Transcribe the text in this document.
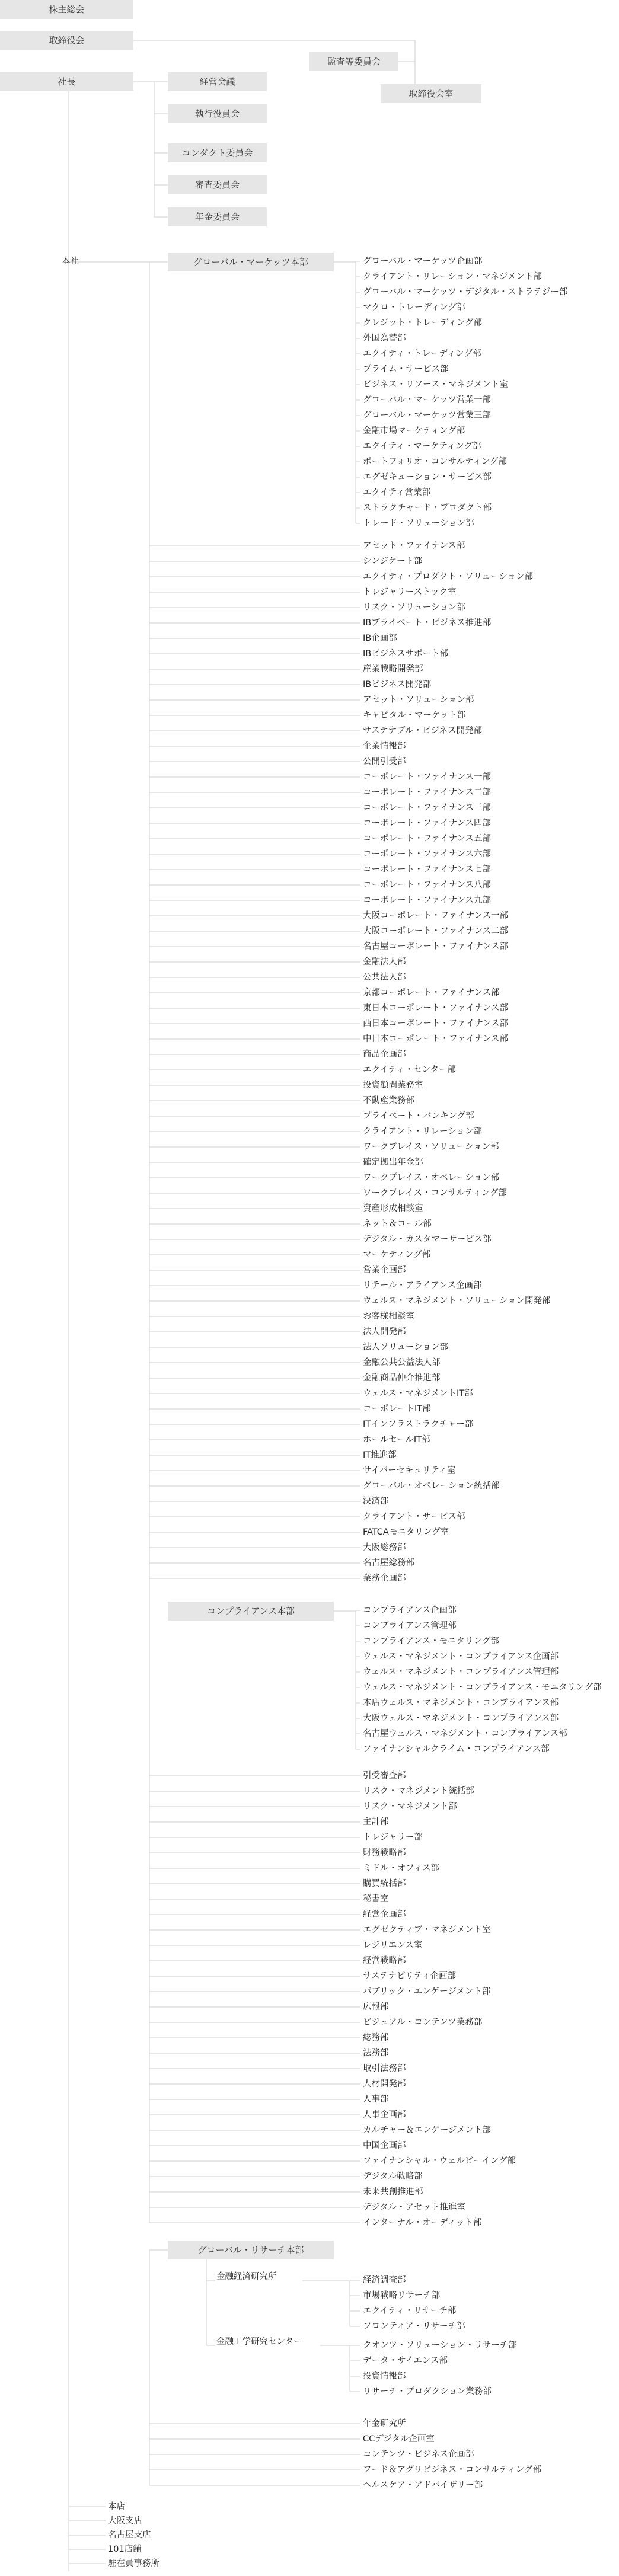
株主総会
取締役会
監査等委員会
取締役会室
社長	経営会議
執行役員会
コンダクト委員会
審査委員会
年金委員会
本社	グローバル・マーケッツ本部
コンプライアンス本部
グローバル・リサーチ本部
金融経済研究所
金融工学研究センター
グローバル・マーケッツ企画部
クライアント・リレーション・マネジメント部
グローバル・マーケッツ・デジタル・ストラテジー部
マクロ・トレーディング部
クレジット・トレーディング部
外国為替部
エクイティ・トレーディング部
プライム・サービス部
ビジネス・リソース・マネジメント室
グローバル・マーケッツ営業一部
グローバル・マーケッツ営業三部
金融市場マーケティング部
エクイティ・マーケティング部
ポートフォリオ・コンサルティング部
エグゼキューション・サービス部
エクイティ営業部
ストラクチャード・プロダクト部
トレード・ソリューション部
アセット・ファイナンス部
シンジケート部
エクイティ・プロダクト・ソリューション部
トレジャリーストック室
リスク・ソリューション部
IBプライベート・ビジネス推進部
IB企画部
IBビジネスサポート部
産業戦略開発部
IBビジネス開発部
アセット・ソリューション部
キャピタル・マーケット部
サステナブル・ビジネス開発部
企業情報部
公開引受部
コーポレート・ファイナンス一部
コーポレート・ファイナンス二部
コーポレート・ファイナンス三部
コーポレート・ファイナンス四部
コーポレート・ファイナンス五部
コーポレート・ファイナンス六部
コーポレート・ファイナンス七部
コーポレート・ファイナンス八部
コーポレート・ファイナンス九部
大阪コーポレート・ファイナンス一部
大阪コーポレート・ファイナンス二部
名古屋コーポレート・ファイナンス部
金融法人部
公共法人部
京都コーポレート・ファイナンス部
東日本コーポレート・ファイナンス部
西日本コーポレート・ファイナンス部
中日本コーポレート・ファイナンス部
商品企画部
エクイティ・センター部
投資顧問業務室
不動産業務部
プライベート・バンキング部
クライアント・リレーション部
ワークプレイス・ソリューション部
確定拠出年金部
ワークプレイス・オペレーション部
ワークプレイス・コンサルティング部
資産形成相談室
ネット＆コール部
デジタル・カスタマーサービス部
マーケティング部
営業企画部
リテール・アライアンス企画部
ウェルス・マネジメント・ソリューション開発部
お客様相談室
法人開発部
法人ソリューション部
金融公共公益法人部
金融商品仲介推進部
ウェルス・マネジメントIT部
コーポレートIT部
ITインフラストラクチャー部
ホールセールIT部
IT推進部
サイバーセキュリティ室
グローバル・オペレーション統括部
決済部
クライアント・サービス部
FATCAモニタリング室
大阪総務部
名古屋総務部
業務企画部
コンプライアンス企画部
コンプライアンス管理部
コンプライアンス・モニタリング部
ウェルス・マネジメント・コンプライアンス企画部
ウェルス・マネジメント・コンプライアンス管理部
ウェルス・マネジメント・コンプライアンス・モニタリング部
本店ウェルス・マネジメント・コンプライアンス部
大阪ウェルス・マネジメント・コンプライアンス部
名古屋ウェルス・マネジメント・コンプライアンス部
ファイナンシャルクライム・コンプライアンス部
引受審査部
リスク・マネジメント統括部
リスク・マネジメント部
主計部
トレジャリー部
財務戦略部
ミドル・オフィス部
購買統括部
秘書室
経営企画部
エグゼクティブ・マネジメント室
レジリエンス室
経営戦略部
サステナビリティ企画部
パブリック・エンゲージメント部
広報部
ビジュアル・コンテンツ業務部
総務部
法務部
取引法務部
人材開発部
人事部
人事企画部
カルチャー＆エンゲージメント部
中国企画部
ファイナンシャル・ウェルビーイング部
デジタル戦略部
未来共創推進部
デジタル・アセット推進室
インターナル・オーディット部
経済調査部
市場戦略リサーチ部
エクイティ・リサーチ部
フロンティア・リサーチ部
クオンツ・ソリューション・リサーチ部
データ・サイエンス部
投資情報部
リサーチ・プロダクション業務部
年金研究所
CCデジタル企画室
コンテンツ・ビジネス企画部
フード＆アグリビジネス・コンサルティング部
ヘルスケア・アドバイザリー部
本店
大阪支店
名古屋支店
101店舗
駐在員事務所
